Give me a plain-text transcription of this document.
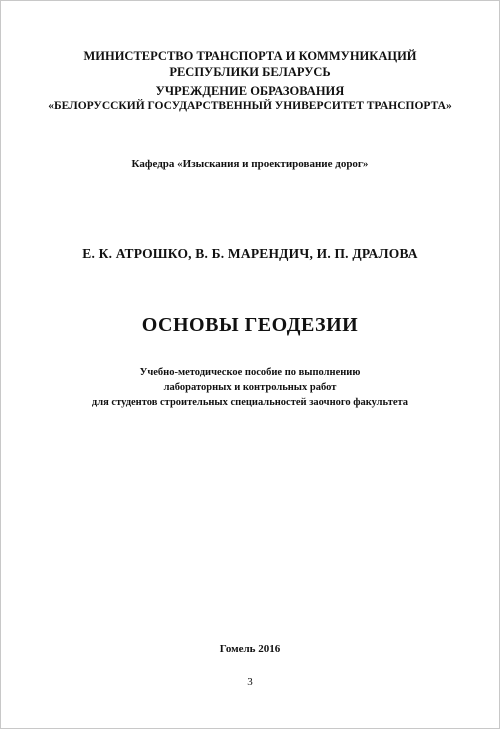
МИНИСТЕРСТВО ТРАНСПОРТА И КОММУНИКАЦИЙ
РЕСПУБЛИКИ БЕЛАРУСЬ
УЧРЕЖДЕНИЕ ОБРАЗОВАНИЯ
«БЕЛОРУССКИЙ ГОСУДАРСТВЕННЫЙ УНИВЕРСИТЕТ ТРАНСПОРТА»
Кафедра «Изыскания и проектирование дорог»
Е. К. АТРОШКО, В. Б. МАРЕНДИЧ, И. П. ДРАЛОВА
ОСНОВЫ ГЕОДЕЗИИ
Учебно-методическое пособие по выполнению
лабораторных и контрольных работ
для студентов строительных специальностей заочного факультета
Гомель 2016
3
